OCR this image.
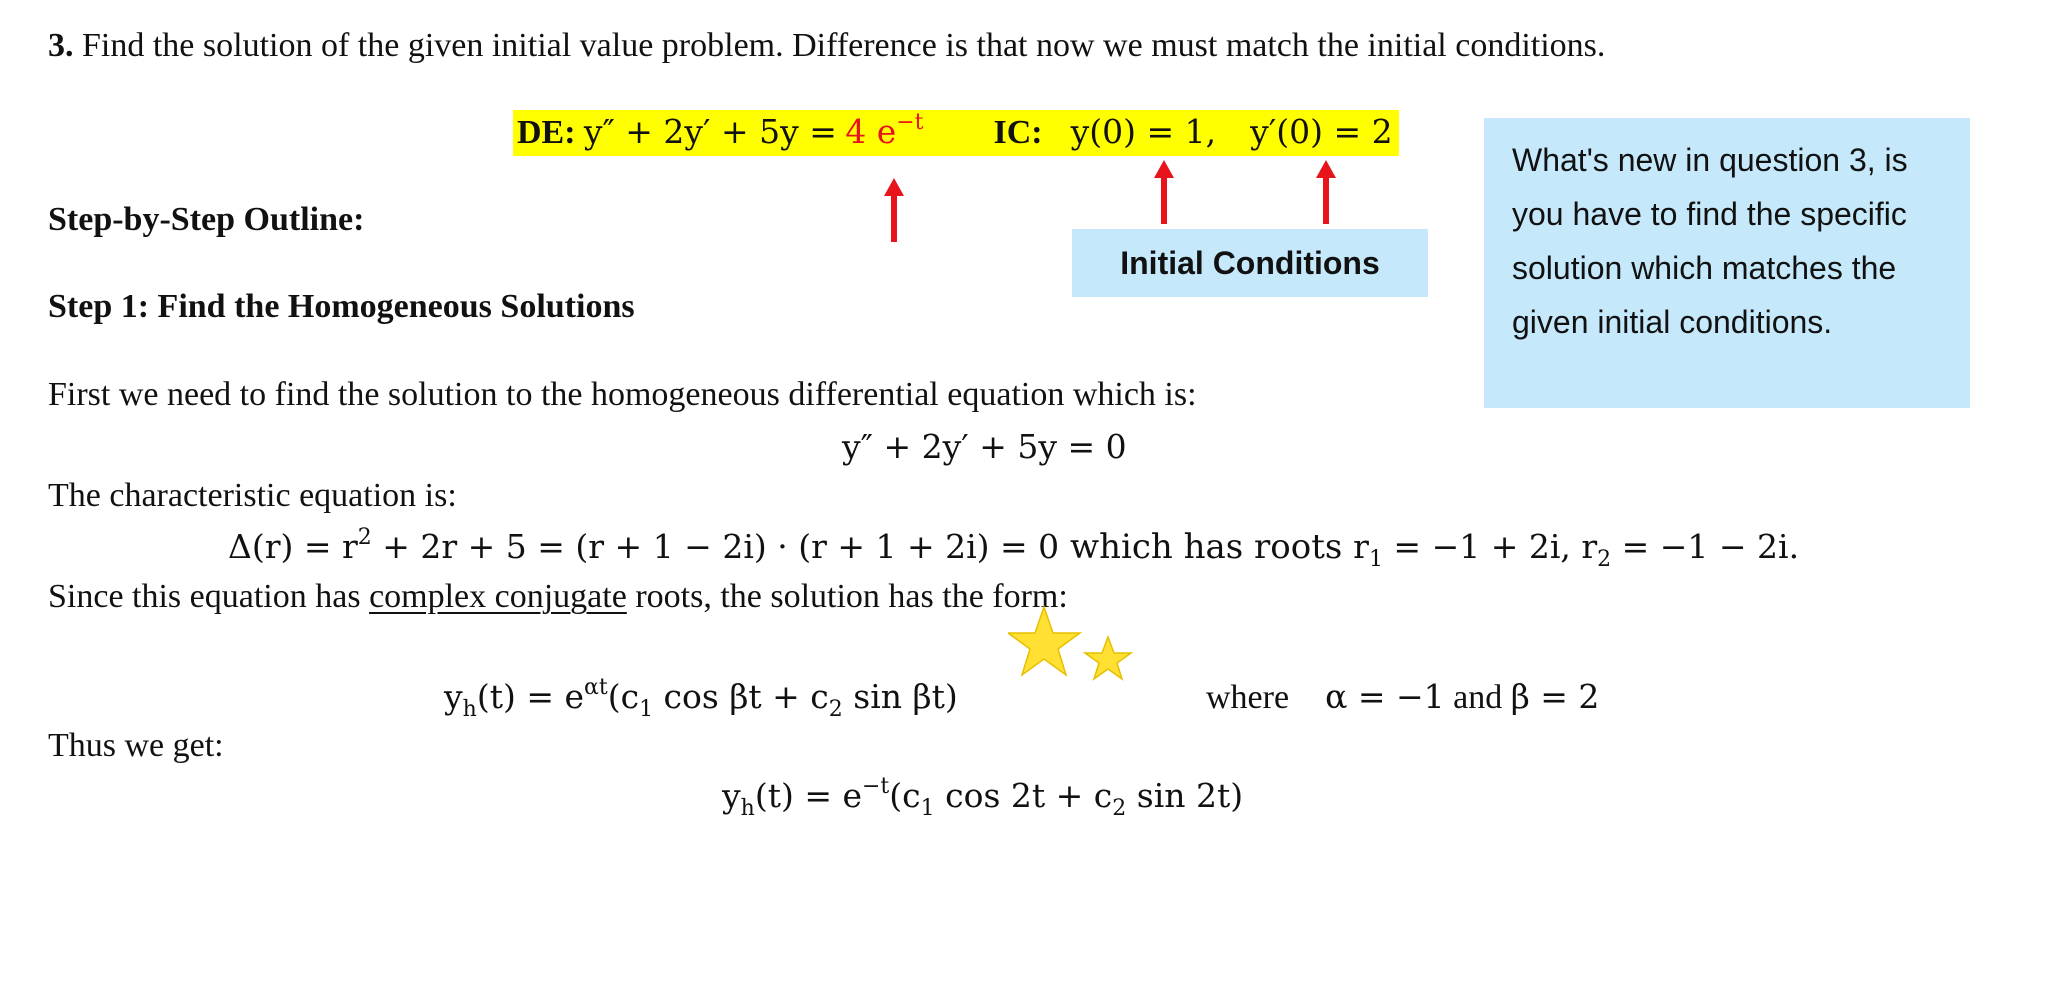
3. Find the solution of the given initial value problem. Difference is that now we must match the initial conditions.
DE: y″ + 2y′ + 5y = 4 $e^{-t}$ IC: y(0) = 1, y′(0) = 2
Initial Conditions
What's new in question 3, is you have to find the specific solution which matches the given initial conditions.
Step-by-Step Outline:
Step 1: Find the Homogeneous Solutions
First we need to find the solution to the homogeneous differential equation which is:
y″ + 2y′ + 5y = 0
The characteristic equation is:
$\Delta(r) = r^2 + 2r + 5 = (r + 1 - 2i) \cdot (r + 1 + 2i) = 0$ which has roots $r_1 = -1 + 2i$, $r_2 = -1 - 2i$.
Since this equation has complex conjugate roots, the solution has the form:
$y_h(t) = e^{\alpha t}(c_1$ $\cos \beta t + c_2$ sin βt)	where α = −1 and β = 2
Thus we get:
$y_h(t) = e^{-t}(c_1$ $\cos 2t + c_2$ sin 2t)
